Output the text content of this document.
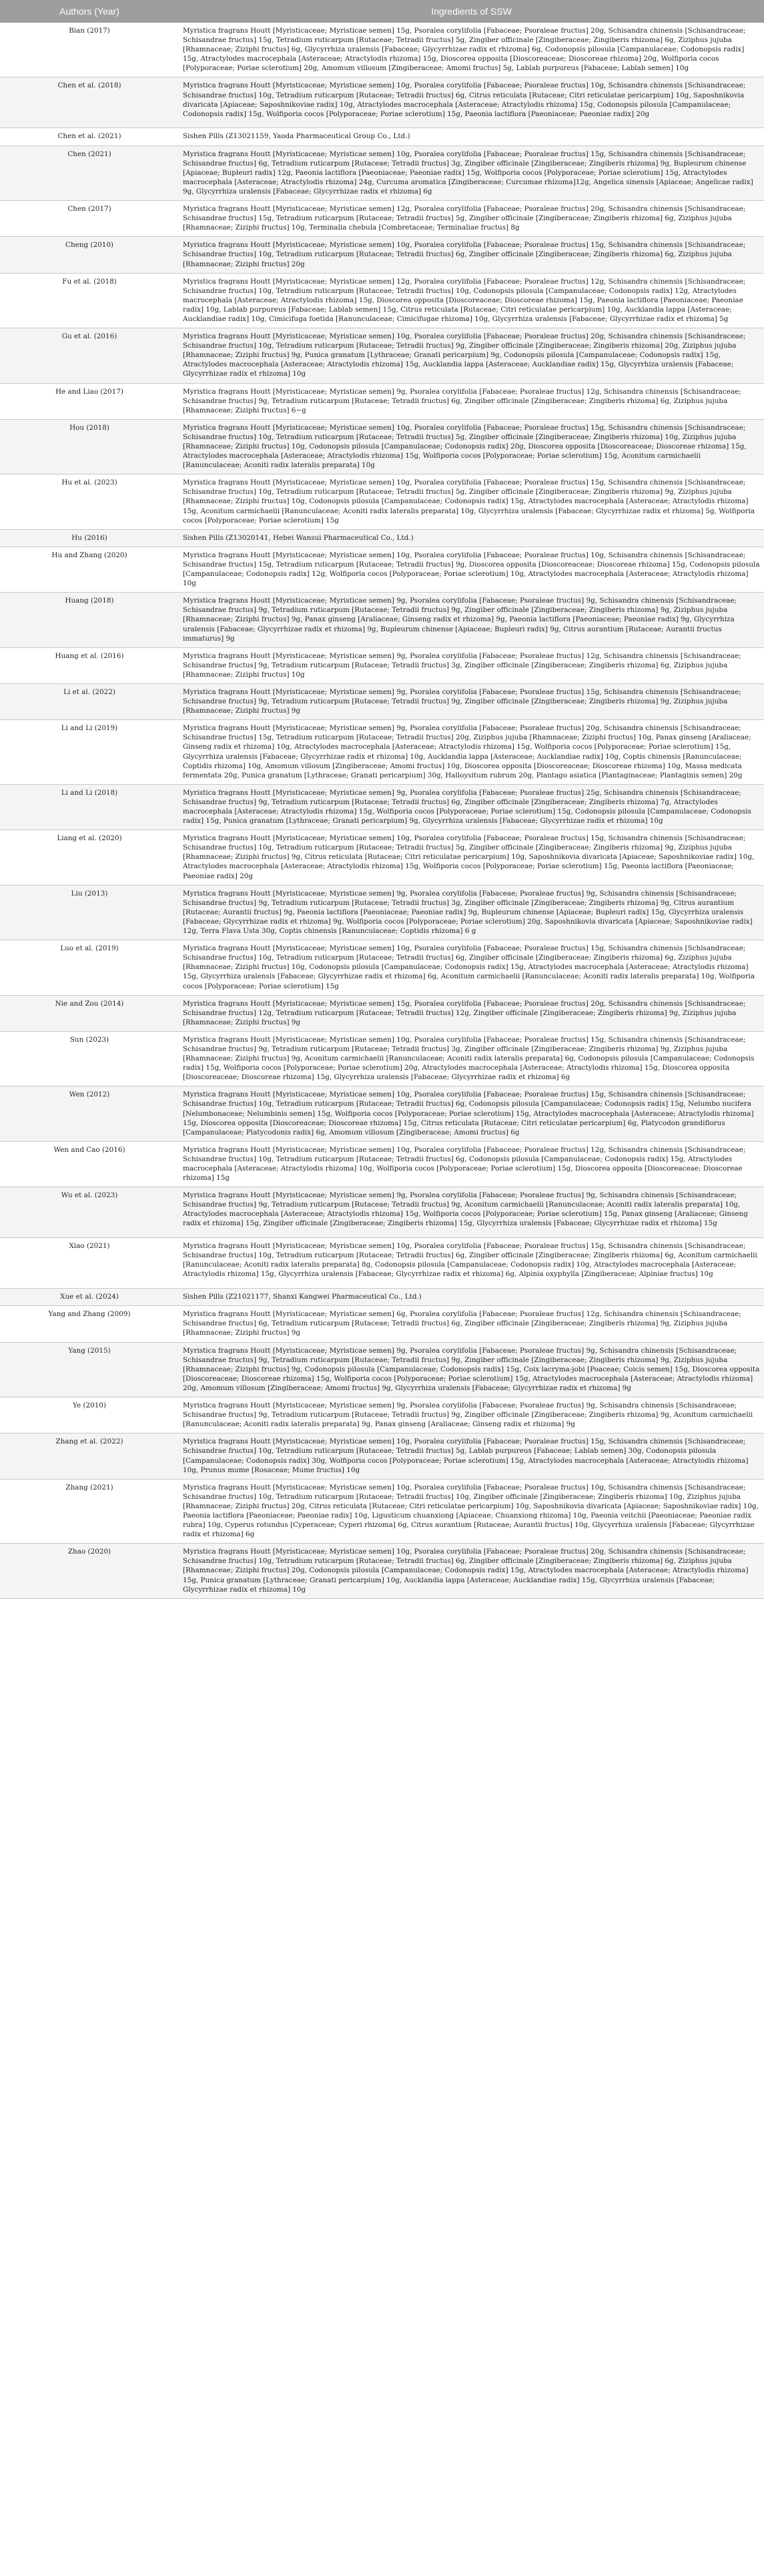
Authors (Year)	Ingredients of SSW
Bian (2017)	Myristica fragrans Houtt [Myristicaceae; Myristicae semen] 15g, Psoralea corylifolia [Fabaceae; Psoraleae fructus] 20g, Schisandra chinensis [Schisandraceae; Schisandrae fructus] 15g, Tetradium ruticarpum [Rutaceae; Tetradii fructus] 5g, Zingiber officinale [Zingiberaceae; Zingiberis rhizoma] 6g, Ziziphus jujuba [Rhamnaceae; Ziziphi fructus] 6g, Glycyrrhiza uralensis [Fabaceae; Glycyrrhizae radix et rhizoma] 6g, Codonopsis pilosula [Campanulaceae; Codonopsis radix] 15g, Atractylodes macrocephala [Asteraceae; Atractylodis rhizoma] 15g, Dioscorea opposita [Dioscoreaceae; Dioscoreae rhizoma] 20g, Wolfiporia cocos [Polyporaceae; Poriae sclerotium] 20g, Amomum villosum [Zingiberaceae; Amomi fructus] 5g, Lablab purpureus [Fabaceae; Lablab semen] 10g
Chen et al. (2018)	Myristica fragrans Houtt [Myristicaceae; Myristicae semen] 10g, Psoralea corylifolia [Fabaceae; Psoraleae fructus] 10g, Schisandra chinensis [Schisandraceae; Schisandrae fructus] 10g, Tetradium ruticarpum [Rutaceae; Tetradii fructus] 6g, Citrus reticulata [Rutaceae; Citri reticulatae pericarpium] 10g, Saposhnikovia divaricata [Apiaceae; Saposhnikoviae radix] 10g, Atractylodes macrocephala [Asteraceae; Atractylodis rhizoma] 15g, Codonopsis pilosula [Campanulaceae; Codonopsis radix] 15g, Wolfiporia cocos [Polyporaceae; Poriae sclerotium] 15g, Paeonia lactiflora [Paeoniaceae; Paeoniae radix] 20g
Chen et al. (2021)	Sishen Pills (Z13021159, Yaoda Pharmaceutical Group Co., Ltd.)
Chen (2021)	Myristica fragrans Houtt [Myristicaceae; Myristicae semen] 10g, Psoralea corylifolia [Fabaceae; Psoraleae fructus] 15g, Schisandra chinensis [Schisandraceae; Schisandrae fructus] 6g, Tetradium ruticarpum [Rutaceae; Tetradii fructus] 3g, Zingiber officinale [Zingiberaceae; Zingiberis rhizoma] 9g, Bupleurum chinense [Apiaceae; Bupleuri radix] 12g, Paeonia lactiflora [Paeoniaceae; Paeoniae radix] 15g, Wolfiporia cocos [Polyporaceae; Poriae sclerotium] 15g, Atractylodes macrocephala [Asteraceae; Atractylodis rhizoma] 24g, Curcuma aromatica [Zingiberaceae; Curcumae rhizoma]12g, Angelica sinensis [Apiaceae; Angelicae radix] 9g, Glycyrrhiza uralensis [Fabaceae; Glycyrrhizae radix et rhizoma] 6g
Chen (2017)	Myristica fragrans Houtt [Myristicaceae; Myristicae semen] 12g, Psoralea corylifolia [Fabaceae; Psoraleae fructus] 20g, Schisandra chinensis [Schisandraceae; Schisandrae fructus] 15g, Tetradium ruticarpum [Rutaceae; Tetradii fructus] 5g, Zingiber officinale [Zingiberaceae; Zingiberis rhizoma] 6g, Ziziphus jujuba [Rhamnaceae; Ziziphi fructus] 10g, Terminalia chebula [Combretaceae; Terminaliae fructus] 8g
Cheng (2010)	Myristica fragrans Houtt [Myristicaceae; Myristicae semen] 10g, Psoralea corylifolia [Fabaceae; Psoraleae fructus] 15g, Schisandra chinensis [Schisandraceae; Schisandrae fructus] 10g, Tetradium ruticarpum [Rutaceae; Tetradii fructus] 6g, Zingiber officinale [Zingiberaceae; Zingiberis rhizoma] 6g, Ziziphus jujuba [Rhamnaceae; Ziziphi fructus] 20g
Fu et al. (2018)	Myristica fragrans Houtt [Myristicaceae; Myristicae semen] 12g, Psoralea corylifolia [Fabaceae; Psoraleae fructus] 12g, Schisandra chinensis [Schisandraceae; Schisandrae fructus] 10g, Tetradium ruticarpum [Rutaceae; Tetradii fructus] 10g, Codonopsis pilosula [Campanulaceae; Codonopsis radix] 12g, Atractylodes macrocephala [Asteraceae; Atractylodis rhizoma] 15g, Dioscorea opposita [Dioscoreaceae; Dioscoreae rhizoma] 15g, Paeonia lactiflora [Paeoniaceae; Paeoniae radix] 10g, Lablab purpureus [Fabaceae; Lablab semen] 15g, Citrus reticulata [Rutaceae; Citri reticulatae pericarpium] 10g, Aucklandia lappa [Asteraceae; Aucklandiae radix] 10g, Cimicifuga foetida [Ranunculaceae; Cimicifugae rhizoma] 10g, Glycyrrhiza uralensis [Fabaceae; Glycyrrhizae radix et rhizoma] 5g
Gu et al. (2016)	Myristica fragrans Houtt [Myristicaceae; Myristicae semen] 10g, Psoralea corylifolia [Fabaceae; Psoraleae fructus] 20g, Schisandra chinensis [Schisandraceae; Schisandrae fructus] 10g, Tetradium ruticarpum [Rutaceae; Tetradii fructus] 9g, Zingiber officinale [Zingiberaceae; Zingiberis rhizoma] 20g, Ziziphus jujuba [Rhamnaceae; Ziziphi fructus] 9g, Punica granatum [Lythraceae; Granati pericarpium] 9g, Codonopsis pilosula [Campanulaceae; Codonopsis radix] 15g, Atractylodes macrocephala [Asteraceae; Atractylodis rhizoma] 15g, Aucklandia lappa [Asteraceae; Aucklandiae radix] 15g, Glycyrrhiza uralensis [Fabaceae; Glycyrrhizae radix et rhizoma] 10g
He and Liao (2017)	Myristica fragrans Houtt [Myristicaceae; Myristicae semen] 9g, Psoralea corylifolia [Fabaceae; Psoraleae fructus] 12g, Schisandra chinensis [Schisandraceae; Schisandrae fructus] 9g, Tetradium ruticarpum [Rutaceae; Tetradii fructus] 6g, Zingiber officinale [Zingiberaceae; Zingiberis rhizoma] 6g, Ziziphus jujuba [Rhamnaceae; Ziziphi fructus] 6~g
Hou (2018)	Myristica fragrans Houtt [Myristicaceae; Myristicae semen] 10g, Psoralea corylifolia [Fabaceae; Psoraleae fructus] 15g, Schisandra chinensis [Schisandraceae; Schisandrae fructus] 10g, Tetradium ruticarpum [Rutaceae; Tetradii fructus] 5g, Zingiber officinale [Zingiberaceae; Zingiberis rhizoma] 10g, Ziziphus jujuba [Rhamnaceae; Ziziphi fructus] 10g, Codonopsis pilosula [Campanulaceae; Codonopsis radix] 20g, Dioscorea opposita [Dioscoreaceae; Dioscoreae rhizoma] 15g, Atractylodes macrocephala [Asteraceae; Atractylodis rhizoma] 15g, Wolfiporia cocos [Polyporaceae; Poriae sclerotium] 15g, Aconitum carmichaelii [Ranunculaceae; Aconiti radix lateralis preparata] 10g
Hu et al. (2023)	Myristica fragrans Houtt [Myristicaceae; Myristicae semen] 10g, Psoralea corylifolia [Fabaceae; Psoraleae fructus] 15g, Schisandra chinensis [Schisandraceae; Schisandrae fructus] 10g, Tetradium ruticarpum [Rutaceae; Tetradii fructus] 5g, Zingiber officinale [Zingiberaceae; Zingiberis rhizoma] 9g, Ziziphus jujuba [Rhamnaceae; Ziziphi fructus] 10g, Codonopsis pilosula [Campanulaceae; Codonopsis radix] 15g, Atractylodes macrocephala [Asteraceae; Atractylodis rhizoma] 15g, Aconitum carmichaelii [Ranunculaceae; Aconiti radix lateralis preparata] 10g, Glycyrrhiza uralensis [Fabaceae; Glycyrrhizae radix et rhizoma] 5g, Wolfiporia cocos [Polyporaceae; Poriae sclerotium] 15g
Hu (2016)	Sishen Pills (Z13020141, Hebei Wansui Pharmaceutical Co., Ltd.)
Hu and Zhang (2020)	Myristica fragrans Houtt [Myristicaceae; Myristicae semen] 10g, Psoralea corylifolia [Fabaceae; Psoraleae fructus] 10g, Schisandra chinensis [Schisandraceae; Schisandrae fructus] 15g, Tetradium ruticarpum [Rutaceae; Tetradii fructus] 9g, Dioscorea opposita [Dioscoreaceae; Dioscoreae rhizoma] 15g, Codonopsis pilosula [Campanulaceae; Codonopsis radix] 12g, Wolfiporia cocos [Polyporaceae; Poriae sclerotium] 10g, Atractylodes macrocephala [Asteraceae; Atractylodis rhizoma] 10g
Huang (2018)	Myristica fragrans Houtt [Myristicaceae; Myristicae semen] 9g, Psoralea corylifolia [Fabaceae; Psoraleae fructus] 9g, Schisandra chinensis [Schisandraceae; Schisandrae fructus] 9g, Tetradium ruticarpum [Rutaceae; Tetradii fructus] 9g, Zingiber officinale [Zingiberaceae; Zingiberis rhizoma] 9g, Ziziphus jujuba [Rhamnaceae; Ziziphi fructus] 9g, Panax ginseng [Araliaceae; Ginseng radix et rhizoma] 9g, Paeonia lactiflora [Paeoniaceae; Paeoniae radix] 9g, Glycyrrhiza uralensis [Fabaceae; Glycyrrhizae radix et rhizoma] 9g, Bupleurum chinense [Apiaceae; Bupleuri radix] 9g, Citrus aurantium [Rutaceae; Aurantii fructus immaturus] 9g
Huang et al. (2016)	Myristica fragrans Houtt [Myristicaceae; Myristicae semen] 9g, Psoralea corylifolia [Fabaceae; Psoraleae fructus] 12g, Schisandra chinensis [Schisandraceae; Schisandrae fructus] 9g, Tetradium ruticarpum [Rutaceae; Tetradii fructus] 3g, Zingiber officinale [Zingiberaceae; Zingiberis rhizoma] 6g, Ziziphus jujuba [Rhamnaceae; Ziziphi fructus] 10g
Li et al. (2022)	Myristica fragrans Houtt [Myristicaceae; Myristicae semen] 9g, Psoralea corylifolia [Fabaceae; Psoraleae fructus] 15g, Schisandra chinensis [Schisandraceae; Schisandrae fructus] 9g, Tetradium ruticarpum [Rutaceae; Tetradii fructus] 9g, Zingiber officinale [Zingiberaceae; Zingiberis rhizoma] 9g, Ziziphus jujuba [Rhamnaceae; Ziziphi fructus] 9g
Li and Li (2019)	Myristica fragrans Houtt [Myristicaceae; Myristicae semen] 9g, Psoralea corylifolia [Fabaceae; Psoraleae fructus] 20g, Schisandra chinensis [Schisandraceae; Schisandrae fructus] 15g, Tetradium ruticarpum [Rutaceae; Tetradii fructus] 20g, Ziziphus jujuba [Rhamnaceae; Ziziphi fructus] 10g, Panax ginseng [Araliaceae; Ginseng radix et rhizoma] 10g, Atractylodes macrocephala [Asteraceae; Atractylodis rhizoma] 15g, Wolfiporia cocos [Polyporaceae; Poriae sclerotium] 15g, Glycyrrhiza uralensis [Fabaceae; Glycyrrhizae radix et rhizoma] 10g, Aucklandia lappa [Asteraceae; Aucklandiae radix] 10g, Coptis chinensis [Ranunculaceae; Coptidis rhizoma] 10g, Amomum villosum [Zingiberaceae; Amomi fructus] 10g, Dioscorea opposita [Dioscoreaceae; Dioscoreae rhizoma] 10g, Massa medicata fermentata 20g, Punica granatum [Lythraceae; Granati pericarpium] 30g, Halloysitum rubrum 20g, Plantago asiatica [Plantaginaceae; Plantaginis semen] 20g
Li and Li (2018)	Myristica fragrans Houtt [Myristicaceae; Myristicae semen] 9g, Psoralea corylifolia [Fabaceae; Psoraleae fructus] 25g, Schisandra chinensis [Schisandraceae; Schisandrae fructus] 9g, Tetradium ruticarpum [Rutaceae; Tetradii fructus] 6g, Zingiber officinale [Zingiberaceae; Zingiberis rhizoma] 7g, Atractylodes macrocephala [Asteraceae; Atractylodis rhizoma] 15g, Wolfiporia cocos [Polyporaceae; Poriae sclerotium] 15g, Codonopsis pilosula [Campanulaceae; Codonopsis radix] 15g, Punica granatum [Lythraceae; Granati pericarpium] 9g, Glycyrrhiza uralensis [Fabaceae; Glycyrrhizae radix et rhizoma] 10g
Liang et al. (2020)	Myristica fragrans Houtt [Myristicaceae; Myristicae semen] 10g, Psoralea corylifolia [Fabaceae; Psoraleae fructus] 15g, Schisandra chinensis [Schisandraceae; Schisandrae fructus] 10g, Tetradium ruticarpum [Rutaceae; Tetradii fructus] 5g, Zingiber officinale [Zingiberaceae; Zingiberis rhizoma] 9g, Ziziphus jujuba [Rhamnaceae; Ziziphi fructus] 9g, Citrus reticulata [Rutaceae; Citri reticulatae pericarpium] 10g, Saposhnikovia divaricata [Apiaceae; Saposhnikoviae radix] 10g, Atractylodes macrocephala [Asteraceae; Atractylodis rhizoma] 15g, Wolfiporia cocos [Polyporaceae; Poriae sclerotium] 15g, Paeonia lactiflora [Paeoniaceae; Paeoniae radix] 20g
Liu (2013)	Myristica fragrans Houtt [Myristicaceae; Myristicae semen] 9g, Psoralea corylifolia [Fabaceae; Psoraleae fructus] 9g, Schisandra chinensis [Schisandraceae; Schisandrae fructus] 9g, Tetradium ruticarpum [Rutaceae; Tetradii fructus] 3g, Zingiber officinale [Zingiberaceae; Zingiberis rhizoma] 9g, Citrus aurantium [Rutaceae; Aurantii fructus] 9g, Paeonia lactiflora [Paeoniaceae; Paeoniae radix] 9g, Bupleurum chinense [Apiaceae; Bupleuri radix] 15g, Glycyrrhiza uralensis [Fabaceae; Glycyrrhizae radix et rhizoma] 9g, Wolfiporia cocos [Polyporaceae; Poriae sclerotium] 20g, Saposhnikovia divaricata [Apiaceae; Saposhnikoviae radix] 12g, Terra Flava Usta 30g, Coptis chinensis [Ranunculaceae; Coptidis rhizoma] 6 g
Luo et al. (2019)	Myristica fragrans Houtt [Myristicaceae; Myristicae semen] 10g, Psoralea corylifolia [Fabaceae; Psoraleae fructus] 15g, Schisandra chinensis [Schisandraceae; Schisandrae fructus] 10g, Tetradium ruticarpum [Rutaceae; Tetradii fructus] 6g, Zingiber officinale [Zingiberaceae; Zingiberis rhizoma] 6g, Ziziphus jujuba [Rhamnaceae; Ziziphi fructus] 10g, Codonopsis pilosula [Campanulaceae; Codonopsis radix] 15g, Atractylodes macrocephala [Asteraceae; Atractylodis rhizoma] 15g, Glycyrrhiza uralensis [Fabaceae; Glycyrrhizae radix et rhizoma] 6g, Aconitum carmichaelii [Ranunculaceae; Aconiti radix lateralis preparata] 10g, Wolfiporia cocos [Polyporaceae; Poriae sclerotium] 15g
Nie and Zou (2014)	Myristica fragrans Houtt [Myristicaceae; Myristicae semen] 15g, Psoralea corylifolia [Fabaceae; Psoraleae fructus] 20g, Schisandra chinensis [Schisandraceae; Schisandrae fructus] 12g, Tetradium ruticarpum [Rutaceae; Tetradii fructus] 12g, Zingiber officinale [Zingiberaceae; Zingiberis rhizoma] 9g, Ziziphus jujuba [Rhamnaceae; Ziziphi fructus] 9g
Sun (2023)	Myristica fragrans Houtt [Myristicaceae; Myristicae semen] 10g, Psoralea corylifolia [Fabaceae; Psoraleae fructus] 15g, Schisandra chinensis [Schisandraceae; Schisandrae fructus] 9g, Tetradium ruticarpum [Rutaceae; Tetradii fructus] 3g, Zingiber officinale [Zingiberaceae; Zingiberis rhizoma] 9g, Ziziphus jujuba [Rhamnaceae; Ziziphi fructus] 9g, Aconitum carmichaelii [Ranunculaceae; Aconiti radix lateralis preparata] 6g, Codonopsis pilosula [Campanulaceae; Codonopsis radix] 15g, Wolfiporia cocos [Polyporaceae; Poriae sclerotium] 20g, Atractylodes macrocephala [Asteraceae; Atractylodis rhizoma] 15g, Dioscorea opposita [Dioscoreaceae; Dioscoreae rhizoma] 15g, Glycyrrhiza uralensis [Fabaceae; Glycyrrhizae radix et rhizoma] 6g
Wen (2012)	Myristica fragrans Houtt [Myristicaceae; Myristicae semen] 10g, Psoralea corylifolia [Fabaceae; Psoraleae fructus] 15g, Schisandra chinensis [Schisandraceae; Schisandrae fructus] 10g, Tetradium ruticarpum [Rutaceae; Tetradii fructus] 6g, Codonopsis pilosula [Campanulaceae; Codonopsis radix] 15g, Nelumbo nucifera [Nelumbonaceae; Nelumbinis semen] 15g, Wolfiporia cocos [Polyporaceae; Poriae sclerotium] 15g, Atractylodes macrocephala [Asteraceae; Atractylodis rhizoma] 15g, Dioscorea opposita [Dioscoreaceae; Dioscoreae rhizoma] 15g, Citrus reticulata [Rutaceae; Citri reticulatae pericarpium] 6g, Platycodon grandiflorus [Campanulaceae; Platycodonis radix] 6g, Amomum villosum [Zingiberaceae; Amomi fructus] 6g
Wen and Cao (2016)	Myristica fragrans Houtt [Myristicaceae; Myristicae semen] 10g, Psoralea corylifolia [Fabaceae; Psoraleae fructus] 12g, Schisandra chinensis [Schisandraceae; Schisandrae fructus] 10g, Tetradium ruticarpum [Rutaceae; Tetradii fructus] 6g, Codonopsis pilosula [Campanulaceae; Codonopsis radix] 15g, Atractylodes macrocephala [Asteraceae; Atractylodis rhizoma] 10g, Wolfiporia cocos [Polyporaceae; Poriae sclerotium] 15g, Dioscorea opposita [Dioscoreaceae; Dioscoreae rhizoma] 15g
Wu et al. (2023)	Myristica fragrans Houtt [Myristicaceae; Myristicae semen] 9g, Psoralea corylifolia [Fabaceae; Psoraleae fructus] 9g, Schisandra chinensis [Schisandraceae; Schisandrae fructus] 9g, Tetradium ruticarpum [Rutaceae; Tetradii fructus] 9g, Aconitum carmichaelii [Ranunculaceae; Aconiti radix lateralis preparata] 10g, Atractylodes macrocephala [Asteraceae; Atractylodis rhizoma] 15g, Wolfiporia cocos [Polyporaceae; Poriae sclerotium] 15g, Panax ginseng [Araliaceae; Ginseng radix et rhizoma] 15g, Zingiber officinale [Zingiberaceae; Zingiberis rhizoma] 15g, Glycyrrhiza uralensis [Fabaceae; Glycyrrhizae radix et rhizoma] 15g
Xiao (2021)	Myristica fragrans Houtt [Myristicaceae; Myristicae semen] 10g, Psoralea corylifolia [Fabaceae; Psoraleae fructus] 15g, Schisandra chinensis [Schisandraceae; Schisandrae fructus] 10g, Tetradium ruticarpum [Rutaceae; Tetradii fructus] 6g, Zingiber officinale [Zingiberaceae; Zingiberis rhizoma] 6g, Aconitum carmichaelii [Ranunculaceae; Aconiti radix lateralis preparata] 8g, Codonopsis pilosula [Campanulaceae; Codonopsis radix] 10g, Atractylodes macrocephala [Asteraceae; Atractylodis rhizoma] 15g, Glycyrrhiza uralensis [Fabaceae; Glycyrrhizae radix et rhizoma] 6g, Alpinia oxyphylla [Zingiberaceae; Alpiniae fructus] 10g
Xue et al. (2024)	Sishen Pills (Z21021177, Shanxi Kangwei Pharmaceutical Co., Ltd.)
Yang and Zhang (2009)	Myristica fragrans Houtt [Myristicaceae; Myristicae semen] 6g, Psoralea corylifolia [Fabaceae; Psoraleae fructus] 12g, Schisandra chinensis [Schisandraceae; Schisandrae fructus] 6g, Tetradium ruticarpum [Rutaceae; Tetradii fructus] 6g, Zingiber officinale [Zingiberaceae; Zingiberis rhizoma] 9g, Ziziphus jujuba [Rhamnaceae; Ziziphi fructus] 9g
Yang (2015)	Myristica fragrans Houtt [Myristicaceae; Myristicae semen] 9g, Psoralea corylifolia [Fabaceae; Psoraleae fructus] 9g, Schisandra chinensis [Schisandraceae; Schisandrae fructus] 9g, Tetradium ruticarpum [Rutaceae; Tetradii fructus] 9g, Zingiber officinale [Zingiberaceae; Zingiberis rhizoma] 9g, Ziziphus jujuba [Rhamnaceae; Ziziphi fructus] 9g, Codonopsis pilosula [Campanulaceae; Codonopsis radix] 15g, Coix lacryma-jobi [Poaceae; Coicis semen] 15g, Dioscorea opposita [Dioscoreaceae; Dioscoreae rhizoma] 15g, Wolfiporia cocos [Polyporaceae; Poriae sclerotium] 15g, Atractylodes macrocephala [Asteraceae; Atractylodis rhizoma] 20g, Amomum villosum [Zingiberaceae; Amomi fructus] 9g, Glycyrrhiza uralensis [Fabaceae; Glycyrrhizae radix et rhizoma] 9g
Ye (2010)	Myristica fragrans Houtt [Myristicaceae; Myristicae semen] 9g, Psoralea corylifolia [Fabaceae; Psoraleae fructus] 9g, Schisandra chinensis [Schisandraceae; Schisandrae fructus] 9g, Tetradium ruticarpum [Rutaceae; Tetradii fructus] 9g, Zingiber officinale [Zingiberaceae; Zingiberis rhizoma] 9g, Aconitum carmichaelii [Ranunculaceae; Aconiti radix lateralis preparata] 9g, Panax ginseng [Araliaceae; Ginseng radix et rhizoma] 9g
Zhang et al. (2022)	Myristica fragrans Houtt [Myristicaceae; Myristicae semen] 10g, Psoralea corylifolia [Fabaceae; Psoraleae fructus] 15g, Schisandra chinensis [Schisandraceae; Schisandrae fructus] 10g, Tetradium ruticarpum [Rutaceae; Tetradii fructus] 5g, Lablab purpureus [Fabaceae; Lablab semen] 30g, Codonopsis pilosula [Campanulaceae; Codonopsis radix] 30g, Wolfiporia cocos [Polyporaceae; Poriae sclerotium] 15g, Atractylodes macrocephala [Asteraceae; Atractylodis rhizoma] 10g, Prunus mume [Rosaceae; Mume fructus] 10g
Zhang (2021)	Myristica fragrans Houtt [Myristicaceae; Myristicae semen] 10g, Psoralea corylifolia [Fabaceae; Psoraleae fructus] 10g, Schisandra chinensis [Schisandraceae; Schisandrae fructus] 10g, Tetradium ruticarpum [Rutaceae; Tetradii fructus] 10g, Zingiber officinale [Zingiberaceae; Zingiberis rhizoma] 10g, Ziziphus jujuba [Rhamnaceae; Ziziphi fructus] 20g, Citrus reticulata [Rutaceae; Citri reticulatae pericarpium] 10g, Saposhnikovia divaricata [Apiaceae; Saposhnikoviae radix] 10g, Paeonia lactiflora [Paeoniaceae; Paeoniae radix] 10g, Ligusticum chuanxiong [Apiaceae; Chuanxiong rhizoma] 10g, Paeonia veitchii [Paeoniaceae; Paeoniae radix rubra] 10g, Cyperus rotundus [Cyperaceae; Cyperi rhizoma] 6g, Citrus aurantium [Rutaceae; Aurantii fructus] 10g, Glycyrrhiza uralensis [Fabaceae; Glycyrrhizae radix et rhizoma] 6g
Zhao (2020)	Myristica fragrans Houtt [Myristicaceae; Myristicae semen] 10g, Psoralea corylifolia [Fabaceae; Psoraleae fructus] 20g, Schisandra chinensis [Schisandraceae; Schisandrae fructus] 10g, Tetradium ruticarpum [Rutaceae; Tetradii fructus] 6g, Zingiber officinale [Zingiberaceae; Zingiberis rhizoma] 6g, Ziziphus jujuba [Rhamnaceae; Ziziphi fructus] 20g, Codonopsis pilosula [Campanulaceae; Codonopsis radix] 15g, Atractylodes macrocephala [Asteraceae; Atractylodis rhizoma] 15g, Punica granatum [Lythraceae; Granati pericarpium] 10g, Aucklandia lappa [Asteraceae; Aucklandiae radix] 15g, Glycyrrhiza uralensis [Fabaceae; Glycyrrhizae radix et rhizoma] 10g
